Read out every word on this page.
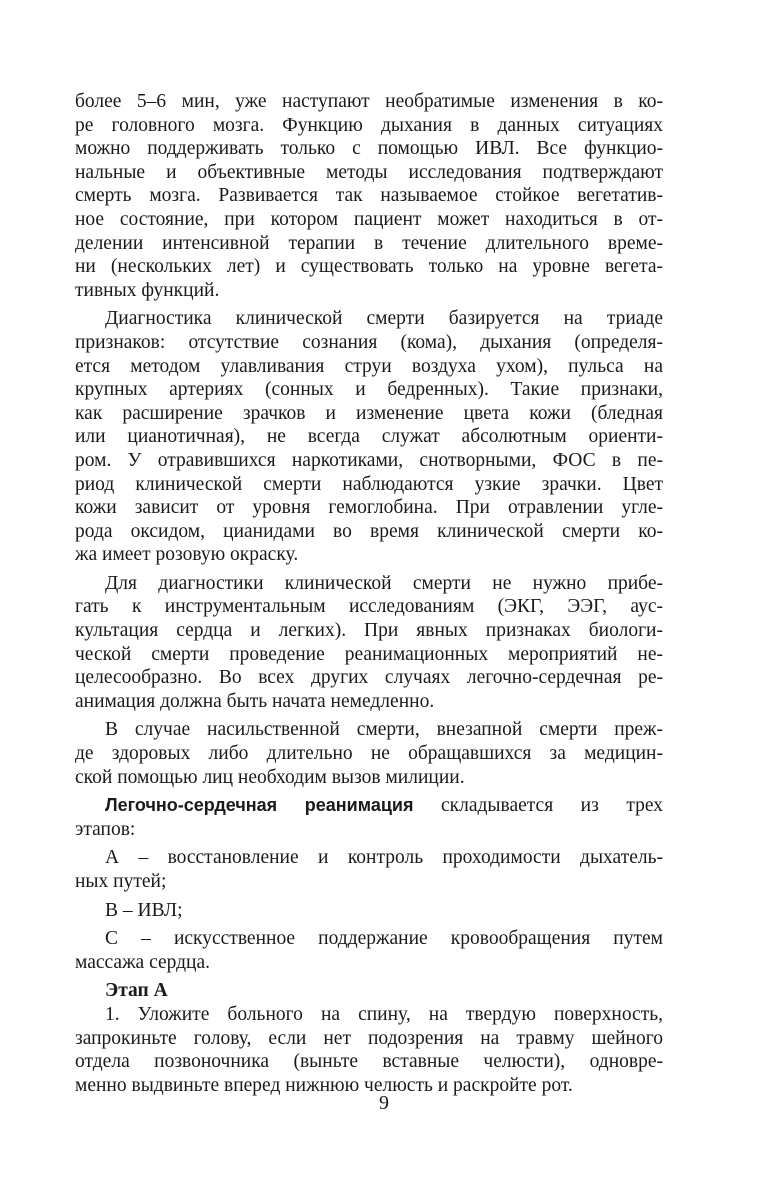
более 5–6 мин, уже наступают необратимые изменения в ко-
ре головного мозга. Функцию дыхания в данных ситуациях
можно поддерживать только с помощью ИВЛ. Все функцио-
нальные и объективные методы исследования подтверждают
смерть мозга. Развивается так называемое стойкое вегетатив-
ное состояние, при котором пациент может находиться в от-
делении интенсивной терапии в течение длительного време-
ни (нескольких лет) и существовать только на уровне вегета-
тивных функций.
Диагностика клинической смерти базируется на триаде
признаков: отсутствие сознания (кома), дыхания (определя-
ется методом улавливания струи воздуха ухом), пульса на
крупных артериях (сонных и бедренных). Такие признаки,
как расширение зрачков и изменение цвета кожи (бледная
или цианотичная), не всегда служат абсолютным ориенти-
ром. У отравившихся наркотиками, снотворными, ФОС в пе-
риод клинической смерти наблюдаются узкие зрачки. Цвет
кожи зависит от уровня гемоглобина. При отравлении угле-
рода оксидом, цианидами во время клинической смерти ко-
жа имеет розовую окраску.
Для диагностики клинической смерти не нужно прибе-
гать к инструментальным исследованиям (ЭКГ, ЭЭГ, аус-
культация сердца и легких). При явных признаках биологи-
ческой смерти проведение реанимационных мероприятий не-
целесообразно. Во всех других случаях легочно-сердечная ре-
анимация должна быть начата немедленно.
В случае насильственной смерти, внезапной смерти преж-
де здоровых либо длительно не обращавшихся за медицин-
ской помощью лиц необходим вызов милиции.
Легочно-сердечная реанимация складывается из трех
этапов:
А – восстановление и контроль проходимости дыхатель-
ных путей;
В – ИВЛ;
С – искусственное поддержание кровообращения путем
массажа сердца.
Этап А
1. Уложите больного на спину, на твердую поверхность,
запрокиньте голову, если нет подозрения на травму шейного
отдела позвоночника (выньте вставные челюсти), одновре-
менно выдвиньте вперед нижнюю челюсть и раскройте рот.
9
